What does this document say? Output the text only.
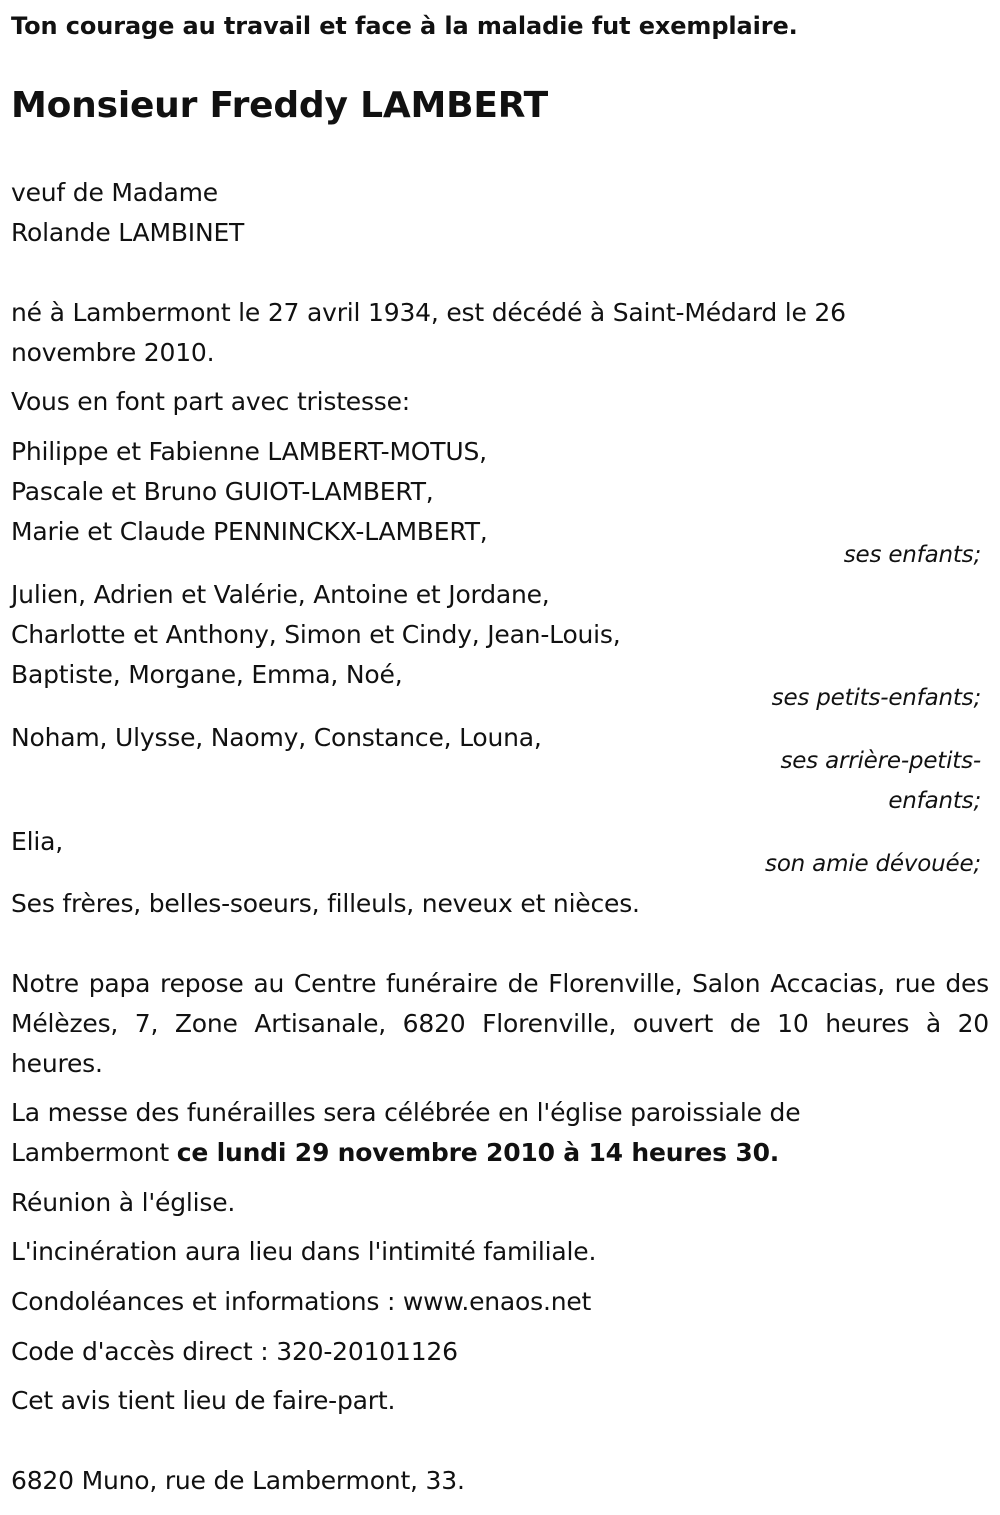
Ton courage au travail et face à la maladie fut exemplaire.
Monsieur Freddy LAMBERT
veuf de Madame
Rolande LAMBINET
né à Lambermont le 27 avril 1934, est décédé à Saint-Médard le 26
novembre 2010.
Vous en font part avec tristesse:
Philippe et Fabienne LAMBERT-MOTUS,
Pascale et Bruno GUIOT-LAMBERT,
Marie et Claude PENNINCKX-LAMBERT,
ses enfants;
Julien, Adrien et Valérie, Antoine et Jordane,
Charlotte et Anthony, Simon et Cindy, Jean-Louis,
Baptiste, Morgane, Emma, Noé,
ses petits-enfants;
Noham, Ulysse, Naomy, Constance, Louna,
ses arrière-petits-
enfants;
Elia,
son amie dévouée;
Ses frères, belles-soeurs, filleuls, neveux et nièces.
Notre papa repose au Centre funéraire de Florenville, Salon Accacias, rue des Mélèzes, 7, Zone Artisanale, 6820 Florenville, ouvert de 10 heures à 20 heures.
La messe des funérailles sera célébrée en l'église paroissiale de
Lambermont ce lundi 29 novembre 2010 à 14 heures 30.
Réunion à l'église.
L'incinération aura lieu dans l'intimité familiale.
Condoléances et informations : www.enaos.net
Code d'accès direct : 320-20101126
Cet avis tient lieu de faire-part.
6820 Muno, rue de Lambermont, 33.
